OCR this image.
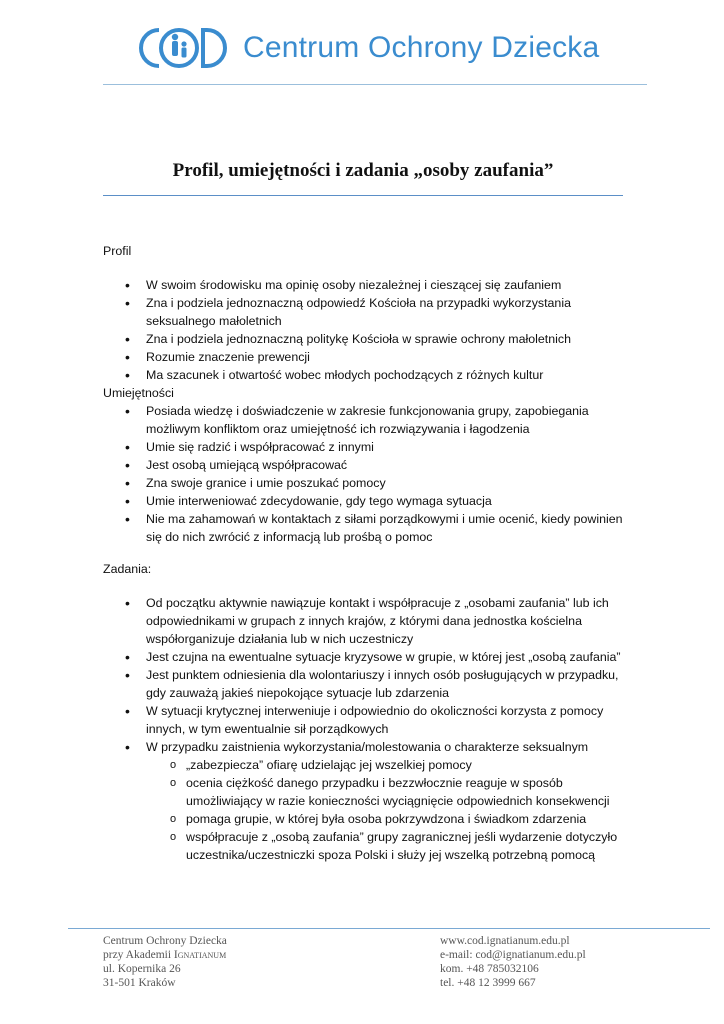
Centrum Ochrony Dziecka
Profil, umiejętności i zadania „osoby zaufania”

Profil

• W swoim środowisku ma opinię osoby niezależnej i cieszącej się zaufaniem
• Zna i podziela jednoznaczną odpowiedź Kościoła na przypadki wykorzystania seksualnego małoletnich
• Zna i podziela jednoznaczną politykę Kościoła w sprawie ochrony małoletnich
• Rozumie znaczenie prewencji
• Ma szacunek i otwartość wobec młodych pochodzących z różnych kultur

Umiejętności

• Posiada wiedzę i doświadczenie w zakresie funkcjonowania grupy, zapobiegania możliwym konfliktom oraz umiejętność ich rozwiązywania i łagodzenia
• Umie się radzić i współpracować z innymi
• Jest osobą umiejącą współpracować
• Zna swoje granice i umie poszukać pomocy
• Umie interweniować zdecydowanie, gdy tego wymaga sytuacja
• Nie ma zahamowań w kontaktach z siłami porządkowymi i umie ocenić, kiedy powinien się do nich zwrócić z informacją lub prośbą o pomoc

Zadania:

• Od początku aktywnie nawiązuje kontakt i współpracuje z „osobami zaufania” lub ich odpowiednikami w grupach z innych krajów, z którymi dana jednostka kościelna współorganizuje działania lub w nich uczestniczy
• Jest czujna na ewentualne sytuacje kryzysowe w grupie, w której jest „osobą zaufania”
• Jest punktem odniesienia dla wolontariuszy i innych osób posługujących w przypadku, gdy zauważą jakieś niepokojące sytuacje lub zdarzenia
• W sytuacji krytycznej interweniuje i odpowiednio do okoliczności korzysta z pomocy innych, w tym ewentualnie sił porządkowych
• W przypadku zaistnienia wykorzystania/molestowania o charakterze seksualnym
o „zabezpiecza” ofiarę udzielając jej wszelkiej pomocy
o ocenia ciężkość danego przypadku i bezzwłocznie reaguje w sposób umożliwiający w razie konieczności wyciągnięcie odpowiednich konsekwencji
o pomaga grupie, w której była osoba pokrzywdzona i świadkom zdarzenia
o współpracuje z „osobą zaufania” grupy zagranicznej jeśli wydarzenie dotyczyło uczestnika/uczestniczki spoza Polski i służy jej wszelką potrzebną pomocą
Centrum Ochrony Dziecka
przy Akademii Ignatianum
ul. Kopernika 26
31-501 Kraków
www.cod.ignatianum.edu.pl
e-mail: cod@ignatianum.edu.pl
kom. +48 785032106
tel. +48 12 3999 667
